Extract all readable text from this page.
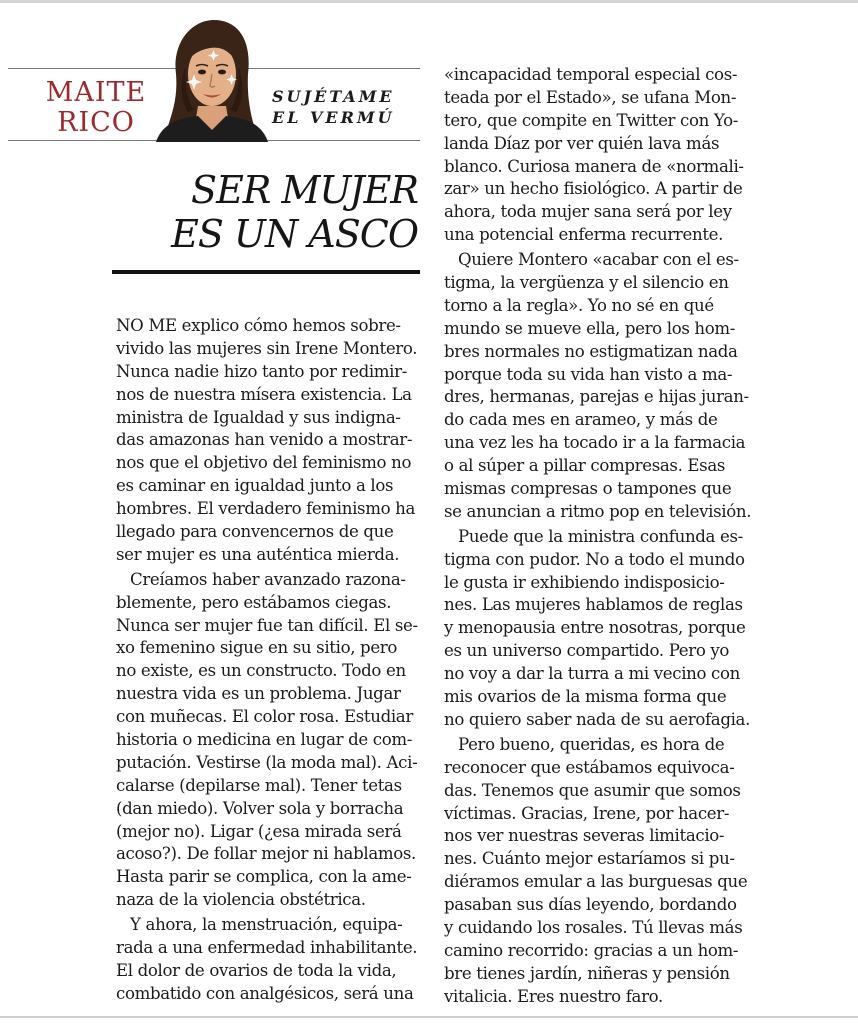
MAITE
RICO
SUJÉTAME
EL VERMÚ
SER MUJER
ES UN ASCO
NO ME explico cómo hemos sobre-
vivido las mujeres sin Irene Montero.
Nunca nadie hizo tanto por redimir-
nos de nuestra mísera existencia. La
ministra de Igualdad y sus indigna-
das amazonas han venido a mostrar-
nos que el objetivo del feminismo no
es caminar en igualdad junto a los
hombres. El verdadero feminismo ha
llegado para convencernos de que
ser mujer es una auténtica mierda.
Creíamos haber avanzado razona-
blemente, pero estábamos ciegas.
Nunca ser mujer fue tan difícil. El se-
xo femenino sigue en su sitio, pero
no existe, es un constructo. Todo en
nuestra vida es un problema. Jugar
con muñecas. El color rosa. Estudiar
historia o medicina en lugar de com-
putación. Vestirse (la moda mal). Aci-
calarse (depilarse mal). Tener tetas
(dan miedo). Volver sola y borracha
(mejor no). Ligar (¿esa mirada será
acoso?). De follar mejor ni hablamos.
Hasta parir se complica, con la ame-
naza de la violencia obstétrica.
Y ahora, la menstruación, equipa-
rada a una enfermedad inhabilitante.
El dolor de ovarios de toda la vida,
combatido con analgésicos, será una
«incapacidad temporal especial cos-
teada por el Estado», se ufana Mon-
tero, que compite en Twitter con Yo-
landa Díaz por ver quién lava más
blanco. Curiosa manera de «normali-
zar» un hecho fisiológico. A partir de
ahora, toda mujer sana será por ley
una potencial enferma recurrente.
Quiere Montero «acabar con el es-
tigma, la vergüenza y el silencio en
torno a la regla». Yo no sé en qué
mundo se mueve ella, pero los hom-
bres normales no estigmatizan nada
porque toda su vida han visto a ma-
dres, hermanas, parejas e hijas juran-
do cada mes en arameo, y más de
una vez les ha tocado ir a la farmacia
o al súper a pillar compresas. Esas
mismas compresas o tampones que
se anuncian a ritmo pop en televisión.
Puede que la ministra confunda es-
tigma con pudor. No a todo el mundo
le gusta ir exhibiendo indisposicio-
nes. Las mujeres hablamos de reglas
y menopausia entre nosotras, porque
es un universo compartido. Pero yo
no voy a dar la turra a mi vecino con
mis ovarios de la misma forma que
no quiero saber nada de su aerofagia.
Pero bueno, queridas, es hora de
reconocer que estábamos equivoca-
das. Tenemos que asumir que somos
víctimas. Gracias, Irene, por hacer-
nos ver nuestras severas limitacio-
nes. Cuánto mejor estaríamos si pu-
diéramos emular a las burguesas que
pasaban sus días leyendo, bordando
y cuidando los rosales. Tú llevas más
camino recorrido: gracias a un hom-
bre tienes jardín, niñeras y pensión
vitalicia. Eres nuestro faro.
